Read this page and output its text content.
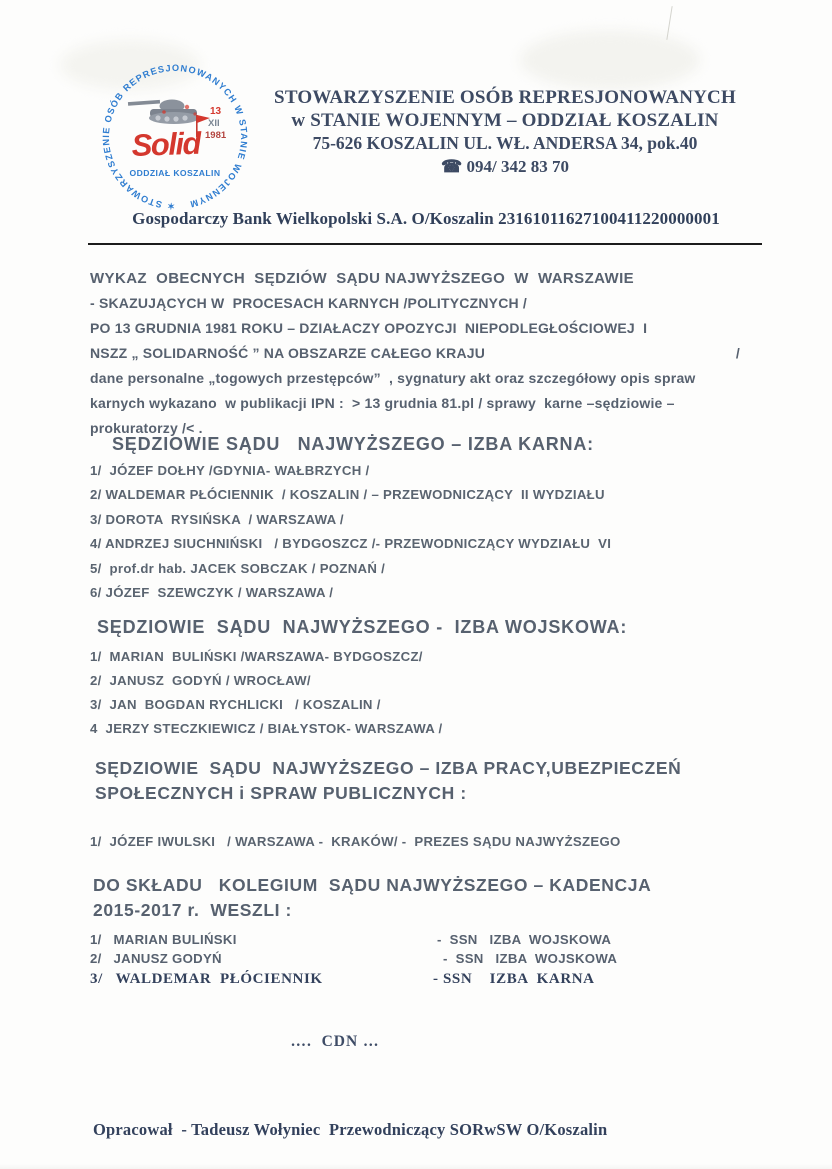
✶ STOWARZYSZENIE OSÓB REPRESJONOWANYCH W STANIE WOJENNYM
Solid
13
XII
1981
ODDZIAŁ KOSZALIN
STOWARZYSZENIE OSÓB REPRESJONOWANYCH
w STANIE WOJENNYM – ODDZIAŁ KOSZALIN
75-626 KOSZALIN UL. WŁ. ANDERSA 34, pok.40
☎ 094/ 342 83 70
Gospodarczy Bank Wielkopolski S.A. O/Koszalin 23161011627100411220000001
WYKAZ  OBECNYCH  SĘDZIÓW  SĄDU NAJWYŻSZEGO  W  WARSZAWIE
- SKAZUJĄCYCH W  PROCESACH KARNYCH /POLITYCZNYCH /
PO 13 GRUDNIA 1981 ROKU – DZIAŁACZY OPOZYCJI  NIEPODLEGŁOŚCIOWEJ  I
NSZZ „ SOLIDARNOŚĆ ” NA OBSZARZE CAŁEGO KRAJU	/
dane personalne „togowych przestępców”  , sygnatury akt oraz szczegółowy opis spraw
karnych wykazano  w publikacji IPN :  > 13 grudnia 81.pl / sprawy  karne –sędziowie –
prokuratorzy /< .
SĘDZIOWIE SĄDU   NAJWYŻSZEGO – IZBA KARNA:
1/  JÓZEF DOŁHY /GDYNIA- WAŁBRZYCH /
2/ WALDEMAR PŁÓCIENNIK  / KOSZALIN / – PRZEWODNICZĄCY  II WYDZIAŁU
3/ DOROTA  RYSIŃSKA  / WARSZAWA /
4/ ANDRZEJ SIUCHNIŃSKI   / BYDGOSZCZ /- PRZEWODNICZĄCY WYDZIAŁU  VI
5/  prof.dr hab. JACEK SOBCZAK / POZNAŃ /
6/ JÓZEF  SZEWCZYK / WARSZAWA /
SĘDZIOWIE  SĄDU  NAJWYŻSZEGO -  IZBA WOJSKOWA:
1/  MARIAN  BULIŃSKI /WARSZAWA- BYDGOSZCZ/
2/  JANUSZ  GODYŃ / WROCŁAW/
3/  JAN  BOGDAN RYCHLICKI   / KOSZALIN /
4  JERZY STECZKIEWICZ / BIAŁYSTOK- WARSZAWA /
SĘDZIOWIE  SĄDU  NAJWYŻSZEGO – IZBA PRACY,UBEZPIECZEŃ
SPOŁECZNYCH i SPRAW PUBLICZNYCH :
1/  JÓZEF IWULSKI   / WARSZAWA -  KRAKÓW/ -  PREZES SĄDU NAJWYŻSZEGO
DO SKŁADU   KOLEGIUM  SĄDU NAJWYŻSZEGO – KADENCJA
2015-2017 r.  WESZLI :
1/   MARIAN BULIŃSKI	-  SSN   IZBA  WOJSKOWA
2/   JANUSZ GODYŃ	-  SSN   IZBA  WOJSKOWA
3/   WALDEMAR  PŁÓCIENNIK	- SSN    IZBA  KARNA
….  CDN …
Opracował  - Tadeusz Wołyniec  Przewodniczący SORwSW O/Koszalin
